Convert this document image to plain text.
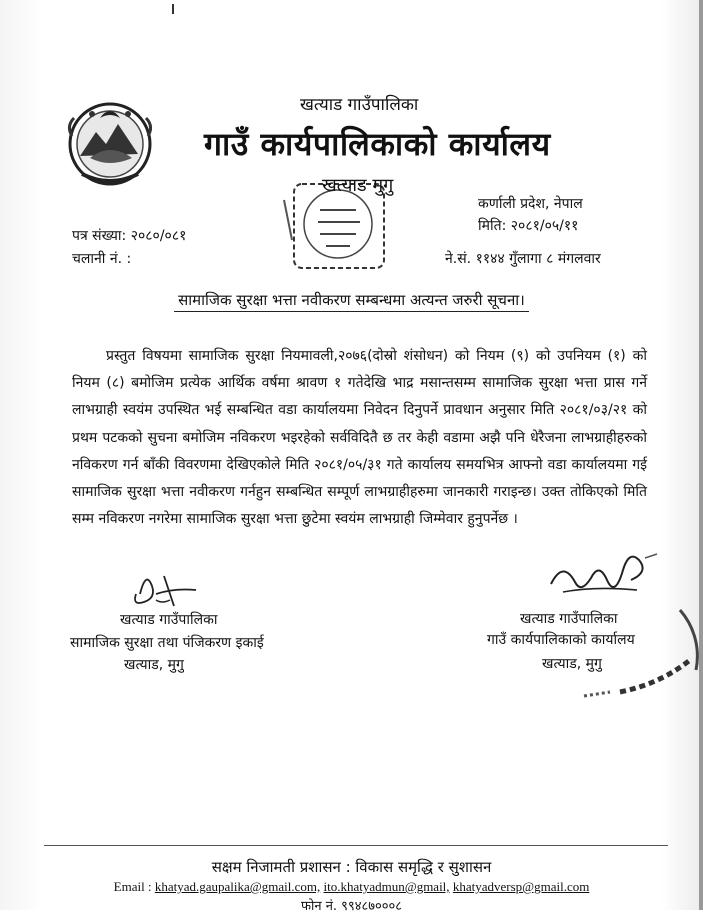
खत्याड गाउँपालिका
गाउँ कार्यपालिकाको कार्यालय
खत्याड मुगु
कर्णाली प्रदेश, नेपाल
मिति: २०८१/०५/११
पत्र संख्या: २०८०/०८१
चलानी नं. :	ने.सं. ११४४ गुँलागा ८ मंगलवार
सामाजिक सुरक्षा भत्ता नवीकरण सम्बन्धमा अत्यन्त जरुरी सूचना।
प्रस्तुत विषयमा सामाजिक सुरक्षा नियमावली,२०७६(दोस्रो शंसोधन) को नियम (९) को उपनियम (१) को नियम (८) बमोजिम प्रत्येक आर्थिक वर्षमा श्रावण १ गतेदेखि भाद्र मसान्तसम्म सामाजिक सुरक्षा भत्ता प्रास गर्ने लाभग्राही स्वयंम उपस्थित भई सम्बन्धित वडा कार्यालयमा निवेदन दिनुपर्ने प्रावधान अनुसार मिति २०८१/०३/२१ को प्रथम पटकको सुचना बमोजिम नविकरण भइरहेको सर्वविदितै छ तर केही वडामा अझै पनि धेरैजना लाभग्राहीहरुको नविकरण गर्न बाँकी विवरणमा देखिएकोले मिति २०८१/०५/३१ गते कार्यालय समयभित्र आफ्नो वडा कार्यालयमा गई सामाजिक सुरक्षा भत्ता नवीकरण गर्नहुन सम्बन्धित सम्पूर्ण लाभग्राहीहरुमा जानकारी गराइन्छ। उक्त तोकिएको मिति सम्म नविकरण नगरेमा सामाजिक सुरक्षा भत्ता छुटेमा स्वयंम लाभग्राही जिम्मेवार हुनुपर्नेछ ।
खत्याड गाउँपालिका
सामाजिक सुरक्षा तथा पंजिकरण इकाई
खत्याड, मुगु
खत्याड गाउँपालिका
गाउँ कार्यपालिकाको कार्यालय
खत्याड, मुगु
सक्षम निजामती प्रशासन : विकास समृद्धि र सुशासन
Email : khatyad.gaupalika@gmail.com, ito.khatyadmun@gmail, khatyadversp@gmail.com
फोन नं. ९९४८७०००८
